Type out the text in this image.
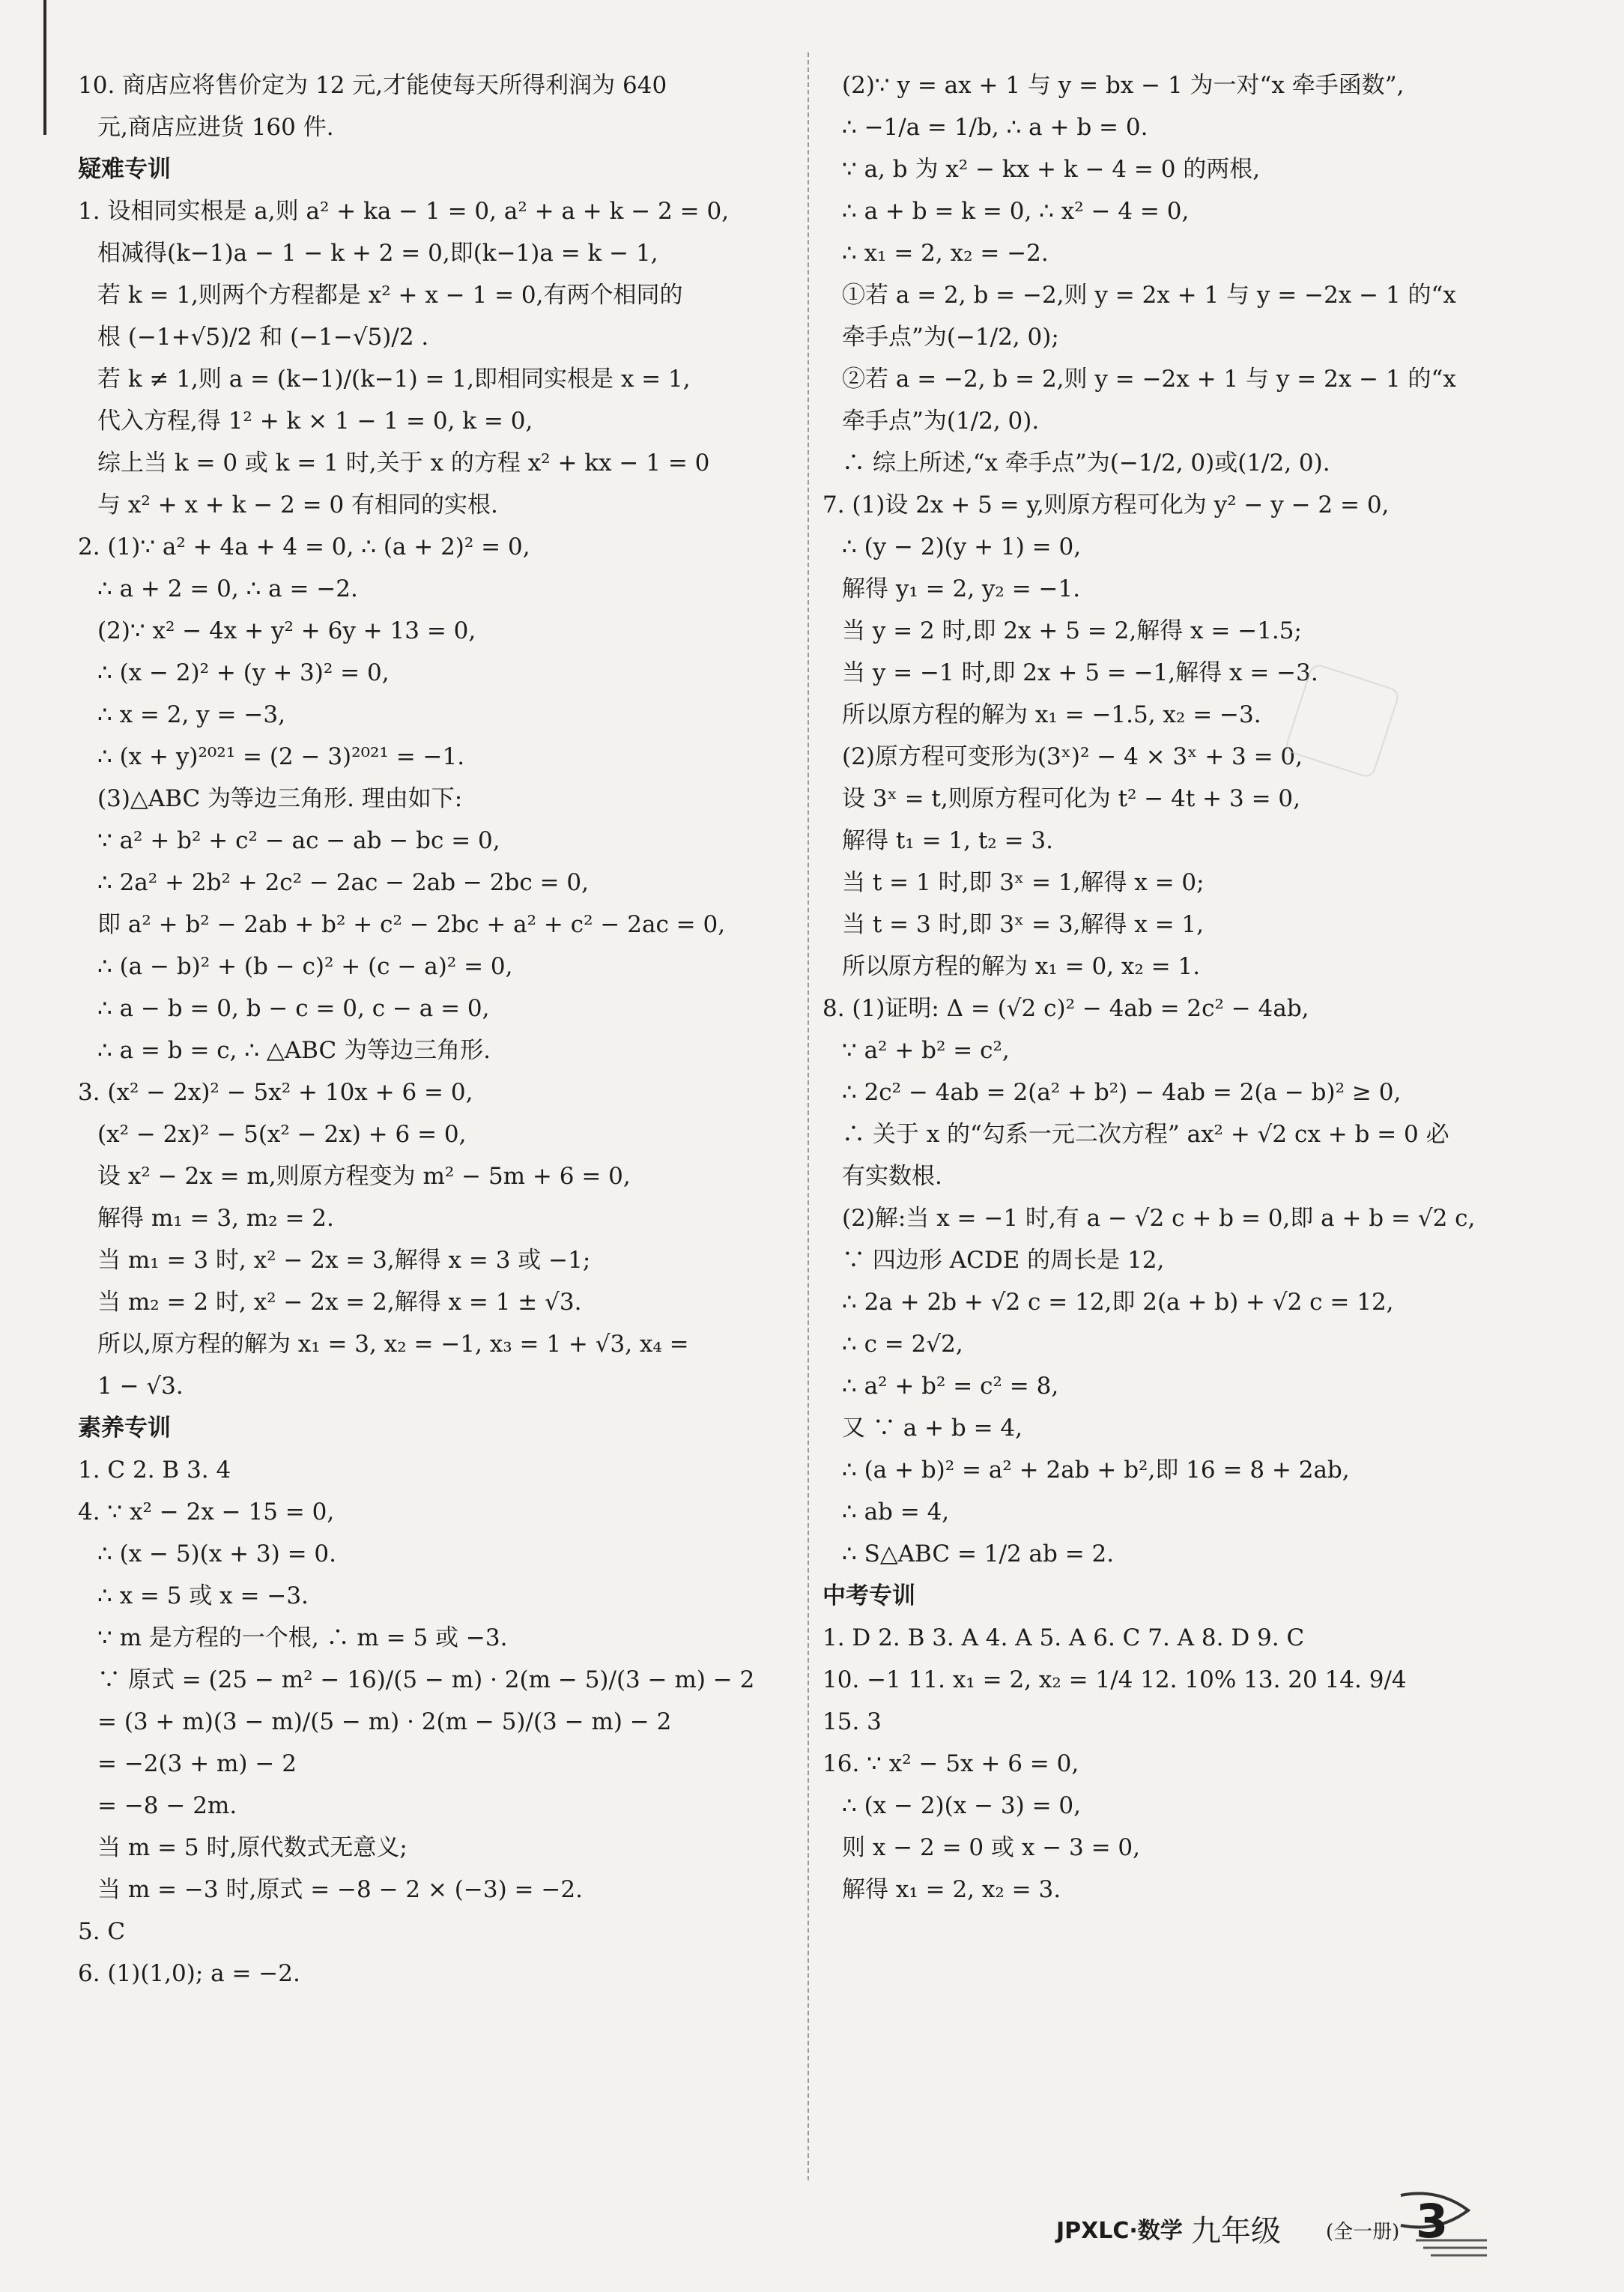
10. 商店应将售价定为 12 元,才能使每天所得利润为 640
元,商店应进货 160 件.
疑难专训
1. 设相同实根是 a,则 a² + ka − 1 = 0, a² + a + k − 2 = 0,
相减得(k−1)a − 1 − k + 2 = 0,即(k−1)a = k − 1,
若 k = 1,则两个方程都是 x² + x − 1 = 0,有两个相同的
根 (−1+√5)/2 和 (−1−√5)/2 .
若 k ≠ 1,则 a = (k−1)/(k−1) = 1,即相同实根是 x = 1,
代入方程,得 1² + k × 1 − 1 = 0, k = 0,
综上当 k = 0 或 k = 1 时,关于 x 的方程 x² + kx − 1 = 0
与 x² + x + k − 2 = 0 有相同的实根.
2. (1)∵ a² + 4a + 4 = 0, ∴ (a + 2)² = 0,
∴ a + 2 = 0, ∴ a = −2.
(2)∵ x² − 4x + y² + 6y + 13 = 0,
∴ (x − 2)² + (y + 3)² = 0,
∴ x = 2, y = −3,
∴ (x + y)²⁰²¹ = (2 − 3)²⁰²¹ = −1.
(3)△ABC 为等边三角形. 理由如下:
∵ a² + b² + c² − ac − ab − bc = 0,
∴ 2a² + 2b² + 2c² − 2ac − 2ab − 2bc = 0,
即 a² + b² − 2ab + b² + c² − 2bc + a² + c² − 2ac = 0,
∴ (a − b)² + (b − c)² + (c − a)² = 0,
∴ a − b = 0, b − c = 0, c − a = 0,
∴ a = b = c, ∴ △ABC 为等边三角形.
3. (x² − 2x)² − 5x² + 10x + 6 = 0,
(x² − 2x)² − 5(x² − 2x) + 6 = 0,
设 x² − 2x = m,则原方程变为 m² − 5m + 6 = 0,
解得 m₁ = 3, m₂ = 2.
当 m₁ = 3 时, x² − 2x = 3,解得 x = 3 或 −1;
当 m₂ = 2 时, x² − 2x = 2,解得 x = 1 ± √3.
所以,原方程的解为 x₁ = 3, x₂ = −1, x₃ = 1 + √3, x₄ =
1 − √3.
素养专训
1. C 2. B 3. 4
4. ∵ x² − 2x − 15 = 0,
∴ (x − 5)(x + 3) = 0.
∴ x = 5 或 x = −3.
∵ m 是方程的一个根, ∴ m = 5 或 −3.
∵ 原式 = (25 − m² − 16)/(5 − m) · 2(m − 5)/(3 − m) − 2
= (3 + m)(3 − m)/(5 − m) · 2(m − 5)/(3 − m) − 2
= −2(3 + m) − 2
= −8 − 2m.
当 m = 5 时,原代数式无意义;
当 m = −3 时,原式 = −8 − 2 × (−3) = −2.
5. C
6. (1)(1,0); a = −2.
(2)∵ y = ax + 1 与 y = bx − 1 为一对“x 牵手函数”,
∴ −1/a = 1/b, ∴ a + b = 0.
∵ a, b 为 x² − kx + k − 4 = 0 的两根,
∴ a + b = k = 0, ∴ x² − 4 = 0,
∴ x₁ = 2, x₂ = −2.
①若 a = 2, b = −2,则 y = 2x + 1 与 y = −2x − 1 的“x
牵手点”为(−1/2, 0);
②若 a = −2, b = 2,则 y = −2x + 1 与 y = 2x − 1 的“x
牵手点”为(1/2, 0).
∴ 综上所述,“x 牵手点”为(−1/2, 0)或(1/2, 0).
7. (1)设 2x + 5 = y,则原方程可化为 y² − y − 2 = 0,
∴ (y − 2)(y + 1) = 0,
解得 y₁ = 2, y₂ = −1.
当 y = 2 时,即 2x + 5 = 2,解得 x = −1.5;
当 y = −1 时,即 2x + 5 = −1,解得 x = −3.
所以原方程的解为 x₁ = −1.5, x₂ = −3.
(2)原方程可变形为(3ˣ)² − 4 × 3ˣ + 3 = 0,
设 3ˣ = t,则原方程可化为 t² − 4t + 3 = 0,
解得 t₁ = 1, t₂ = 3.
当 t = 1 时,即 3ˣ = 1,解得 x = 0;
当 t = 3 时,即 3ˣ = 3,解得 x = 1,
所以原方程的解为 x₁ = 0, x₂ = 1.
8. (1)证明: Δ = (√2 c)² − 4ab = 2c² − 4ab,
∵ a² + b² = c²,
∴ 2c² − 4ab = 2(a² + b²) − 4ab = 2(a − b)² ≥ 0,
∴ 关于 x 的“勾系一元二次方程” ax² + √2 cx + b = 0 必
有实数根.
(2)解:当 x = −1 时,有 a − √2 c + b = 0,即 a + b = √2 c,
∵ 四边形 ACDE 的周长是 12,
∴ 2a + 2b + √2 c = 12,即 2(a + b) + √2 c = 12,
∴ c = 2√2,
∴ a² + b² = c² = 8,
又 ∵ a + b = 4,
∴ (a + b)² = a² + 2ab + b²,即 16 = 8 + 2ab,
∴ ab = 4,
∴ S△ABC = 1/2 ab = 2.
中考专训
1. D 2. B 3. A 4. A 5. A 6. C 7. A 8. D 9. C
10. −1 11. x₁ = 2, x₂ = 1/4 12. 10% 13. 20 14. 9/4
15. 3
16. ∵ x² − 5x + 6 = 0,
∴ (x − 2)(x − 3) = 0,
则 x − 2 = 0 或 x − 3 = 0,
解得 x₁ = 2, x₂ = 3.
JPXLC·数学 九年级 (全一册) 3
